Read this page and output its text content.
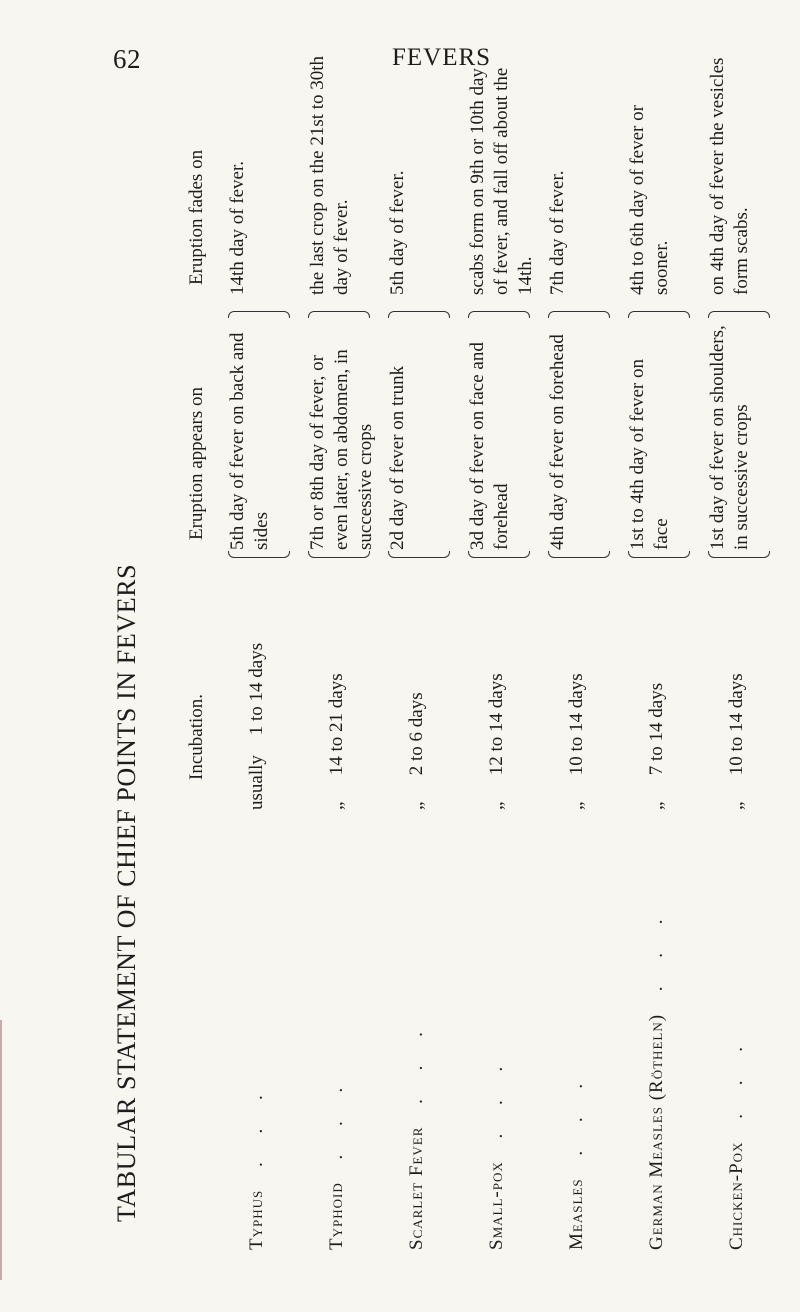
62	FEVERS
TABULAR STATEMENT OF CHIEF POINTS IN FEVERS Incubation.
Eruption appears on
Eruption fades on
Typhus . . .
usually 1 to 14 days
5th day of fever on back and sides
14th day of fever.
Typhoid . . .
„ 14 to 21 days
7th or 8th day of fever, or even later, on abdomen, in successive crops
the last crop on the 21st to 30th day of fever.
Scarlet Fever . . .
„ 2 to 6 days
2d day of fever on trunk
5th day of fever.
Small-pox . . .
„ 12 to 14 days
3d day of fever on face and forehead
scabs form on 9th or 10th day of fever, and fall off about the 14th.
Measles . . .
„ 10 to 14 days
4th day of fever on forehead
7th day of fever.
German Measles (Rötheln) . . .
„ 7 to 14 days
1st to 4th day of fever on face
4th to 6th day of fever or sooner.
Chicken-Pox . . .
„ 10 to 14 days
1st day of fever on shoulders, in successive crops
on 4th day of fever the vesicles form scabs.
